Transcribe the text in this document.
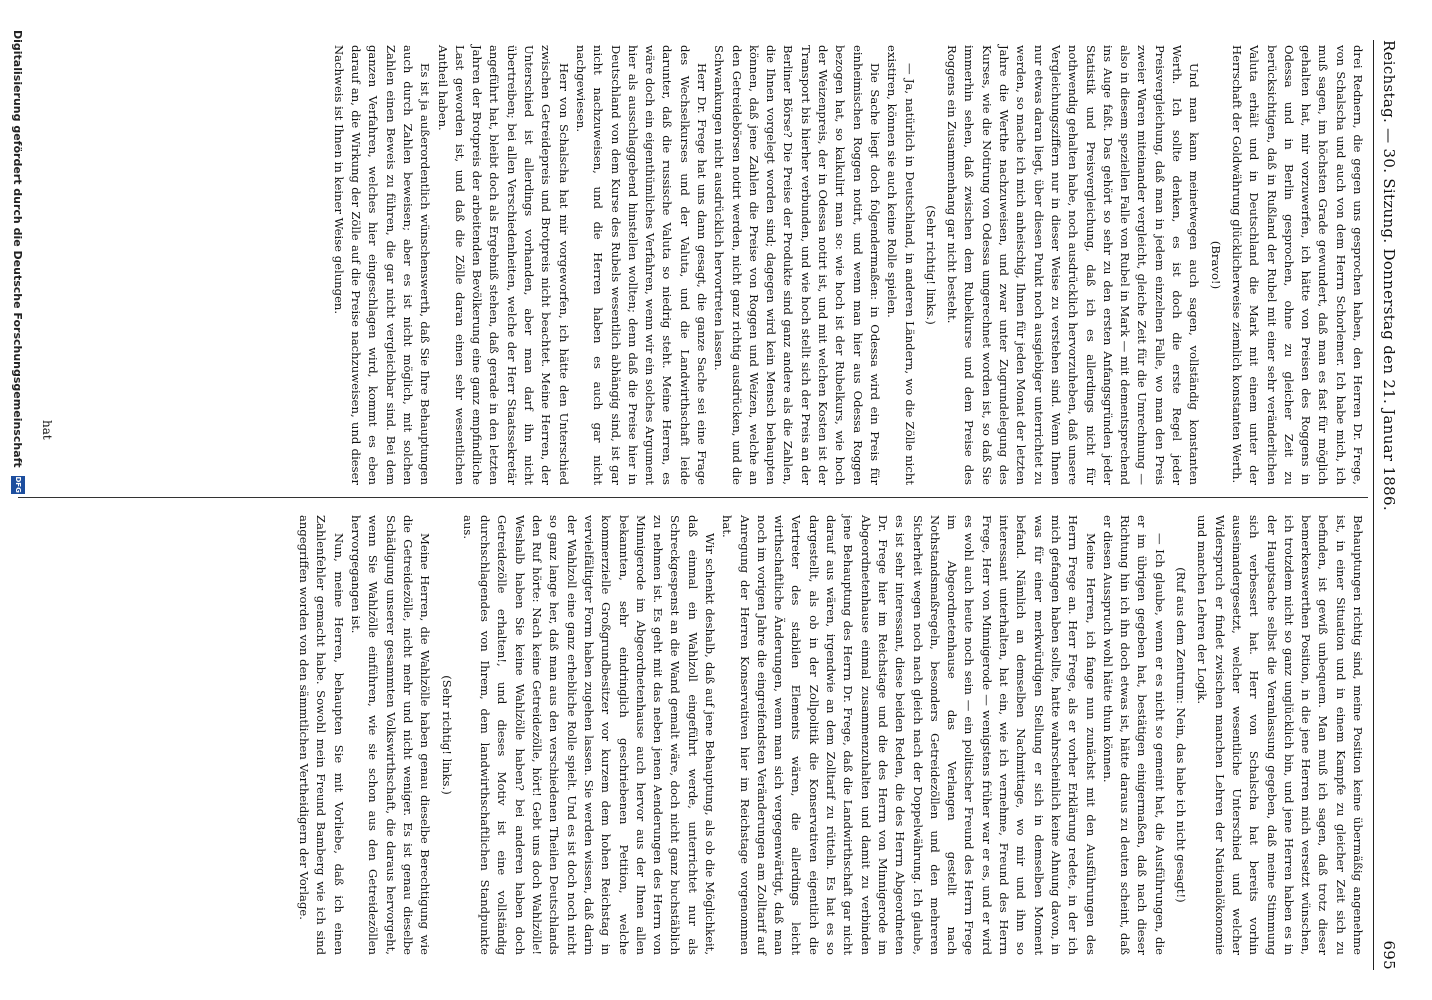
Reichstag. — 30. Sitzung. Donnerstag den 21. Januar 1886.
695

drei Rednern, die gegen uns gesprochen haben, den Herren Dr. Frege, von Schalscha und auch von dem Herrn Schorlemer. Ich habe mich, ich muß sagen, im höchsten Grade gewundert, daß man es fast für möglich gehalten hat, mir vorzuwerfen, ich hätte von Preisen des Roggens in Odessa und in Berlin gesprochen, ohne zu gleicher Zeit zu berücksichtigen, daß in Rußland der Rubel mit einer sehr veränderlichen Valuta erhält und in Deutschland die Mark mit einem unter der Herrschaft der Goldwährung glücklicherweise ziemlich konstanten Werth.

(Bravo!)

Und man kann meinetwegen auch sagen, vollständig konstanten Werth. Ich sollte denken, es ist doch die erste Regel jeder Preisvergleichung, daß man in jedem einzelnen Falle, wo man den Preis zweier Waren miteinander vergleicht, gleiche Zeit für die Umrechnung — also in diesem speziellen Falle von Rubel in Mark — mit dementsprechend ins Auge faßt. Das gehört so sehr zu den ersten Anfangsgründen jeder Statistik und Preisvergleichung, daß ich es allerdings nicht für nothwendig gehalten habe, noch ausdrücklich hervorzuheben, daß unsere Vergleichungsziffern nur in dieser Weise zu verstehen sind. Wenn Ihnen nur etwas daran liegt, über diesen Punkt noch ausgiebiger unterrichtet zu werden, so mache ich mich anheischig, Ihnen für jeden Monat der letzten Jahre die Werthe nachzuweisen, und zwar unter Zugrundelegung des Kurses, wie die Notirung von Odessa umgerechnet worden ist, so daß Sie immerhin sehen, daß zwischen dem Rubelkurse und dem Preise des Roggens ein Zusammenhang gar nicht besteht.

(Sehr richtig! links.)

— Ja, natürlich in Deutschland, in anderen Ländern, wo die Zölle nicht existiren, können sie auch keine Rolle spielen.

Die Sache liegt doch folgendermaßen: in Odessa wird ein Preis für einheimischen Roggen notirt, und wenn man hier aus Odessa Roggen bezogen hat, so kalkulirt man so: wie hoch ist der Rubelkurs, wie hoch der Weizenpreis, der in Odessa notirt ist, und mit welchen Kosten ist der Transport bis hierher verbunden, und wie hoch stellt sich der Preis an der Berliner Börse? Die Preise der Produkte sind ganz andere als die Zahlen, die Ihnen vorgelegt worden sind; dagegen wird kein Mensch behaupten können, daß jene Zahlen die Preise von Roggen und Weizen, welche an den Getreidebörsen notirt werden, nicht ganz richtig ausdrücken, und die Schwankungen nicht ausdrücklich hervortreten lassen.

Herr Dr. Frege hat uns dann gesagt, die ganze Sache sei eine Frage des Wechselkurses und der Valuta, und die Landwirthschaft leide darunter, daß die russische Valuta so niedrig steht. Meine Herren, es wäre doch ein eigenthümliches Verfahren, wenn wir ein solches Argument hier als ausschlaggebend hinstellen wollten; denn daß die Preise hier in Deutschland von dem Kurse des Rubels wesentlich abhängig sind, ist gar nicht nachzuweisen, und die Herren haben es auch gar nicht nachgewiesen.

Herr von Schalscha hat mir vorgeworfen, ich hätte den Unterschied zwischen Getreidepreis und Brotpreis nicht beachtet. Meine Herren, der Unterschied ist allerdings vorhanden, aber man darf ihn nicht übertreiben; bei allen Verschiedenheiten, welche der Herr Staatssekretär angeführt hat, bleibt doch als Ergebniß stehen, daß gerade in den letzten Jahren der Brotpreis der arbeitenden Bevölkerung eine ganz empfindliche Last geworden ist, und daß die Zölle daran einen sehr wesentlichen Antheil haben.

Es ist ja außerordentlich wünschenswerth, daß Sie Ihre Behauptungen auch durch Zahlen beweisen; aber es ist nicht möglich, mit solchen Zahlen einen Beweis zu führen, die gar nicht vergleichbar sind. Bei dem ganzen Verfahren, welches hier eingeschlagen wird, kommt es eben darauf an, die Wirkung der Zölle auf die Preise nachzuweisen, und dieser Nachweis ist Ihnen in keiner Weise gelungen.

Behauptungen richtig sind, meine Position keine übermäßig angenehme ist, in einer Situation und in einem Kampfe zu gleicher Zeit sich zu befinden, ist gewiß unbequem. Man muß ich sagen, daß trotz dieser bemerkenswerthen Position, in die jene Herren mich versetzt wünschen, ich trotzdem nicht so ganz unglücklich bin, und jene Herren haben es in der Hauptsache selbst die Veranlassung gegeben, daß meine Stimmung sich verbessert hat. Herr von Schalscha hat bereits vorhin auseinandergesetzt, welcher wesentliche Unterschied und welcher Widerspruch er findet zwischen manchen Lehren der Nationalökonomie und manchen Lehren der Logik.

(Ruf aus dem Zentrum: Nein, das habe ich nicht gesagt!)

— Ich glaube, wenn er es nicht so gemeint hat, die Ausführungen, die er im übrigen gegeben hat, bestätigen einigermaßen, daß nach dieser Richtung hin ich ihn doch etwas ist, hätte daraus zu deuten scheint, daß er diesen Ausspruch wohl hätte thun können.

Meine Herren, ich fange nun zunächst mit den Ausführungen des Herrn Frege an. Herr Frege, als er vorher Erklärung redete, in der ich mich gefangen haben sollte, hatte wahrscheinlich keine Ahnung davon, in was für einer merkwürdigen Stellung er sich in demselben Moment befand. Nämlich an demselben Nachmittage, wo mir und ihm so interessant unterhalten, hat ein, wie ich vernehme, Freund des Herrn Frege, Herr von Minnigerode — wenigstens früher war er es, und er wird es wohl auch heute noch sein — ein politischer Freund des Herrn Frege im Abgeordnetenhause das Verlangen gestellt nach Nothstandsmaßregeln, besonders Getreidezöllen und den mehreren Sicherheit wegen noch nach gleich nach der Doppelwährung. Ich glaube, es ist sehr interessant, diese beiden Reden, die des Herrn Abgeordneten Dr. Frege hier im Reichstage und die des Herrn von Minnigerode im Abgeordnetenhause einmal zusammenzuhalten und damit zu verbinden jene Behauptung des Herrn Dr. Frege, daß die Landwirthschaft gar nicht darauf aus wären, irgendwie an dem Zolltarif zu rütteln. Es hat es so dargestellt, als ob in der Zollpolitik die Konservativen eigentlich die Vertreter des stabilen Elements wären, die allerdings leicht wirthschaftliche Änderungen, wenn man sich vergegenwärtigt, daß man noch im vorigen Jahre die eingreifendsten Veränderungen am Zolltarif auf Anregung der Herren Konservativen hier im Reichstage vorgenommen hat.

Wir schenkt deshalb, daß auf jene Behauptung, als ob die Möglichkeit, daß einmal ein Wahlzoll eingeführt werde, unterrichtet nur als Schreckgespenst an die Wand gemalt wäre, doch nicht ganz buchstäblich zu nehmen ist. Es geht mit das neben jenen Aenderungen des Herrn von Minnigerode im Abgeordnetenhause auch hervor aus der Ihnen allen bekannten, sehr eindringlich geschriebenen Petition, welche kommerzielle Großgrundbesitzer vor kurzem dem hohen Reichstag in vervielfältigter Form haben zugehen lassen. Sie werden wissen, daß darin der Wahlzoll eine ganz erhebliche Rolle spielt. Und es ist doch noch nicht so ganz lange her, daß man aus den verschiedenen Theilen Deutschlands den Ruf hörte: Nach keine Getreidezölle, hört! Gebt uns doch Wahlzölle! Weshalb haben Sie keine Wahlzölle haben? bei anderen haben doch Getreidezölle erhalten!, und dieses Motiv ist eine vollständig durchschlagendes von Ihrem, dem landwirthschaftlichen Standpunkte aus.

(Sehr richtig! links.)

Meine Herren, die Wahlzölle haben genau dieselbe Berechtigung wie die Getreidezölle, nicht mehr und nicht weniger. Es ist genau dieselbe Schädigung unserer gesammten Volkswirthschaft, die daraus hervorgeht, wenn Sie Wahlzölle einführen, wie sie schon aus den Getreidezöllen hervorgegangen ist.

Nun, meine Herren, behaupten Sie mit Vorliebe, daß ich einen Zahlenfehler gemacht habe. Sowohl mein Freund Bamberg wie ich sind angegriffen worden von den sämmtlichen Vertheidigern der Vorlage.

hat
Digitalisierung gefördert durch die Deutsche Forschungsgemeinschaft
DFG
